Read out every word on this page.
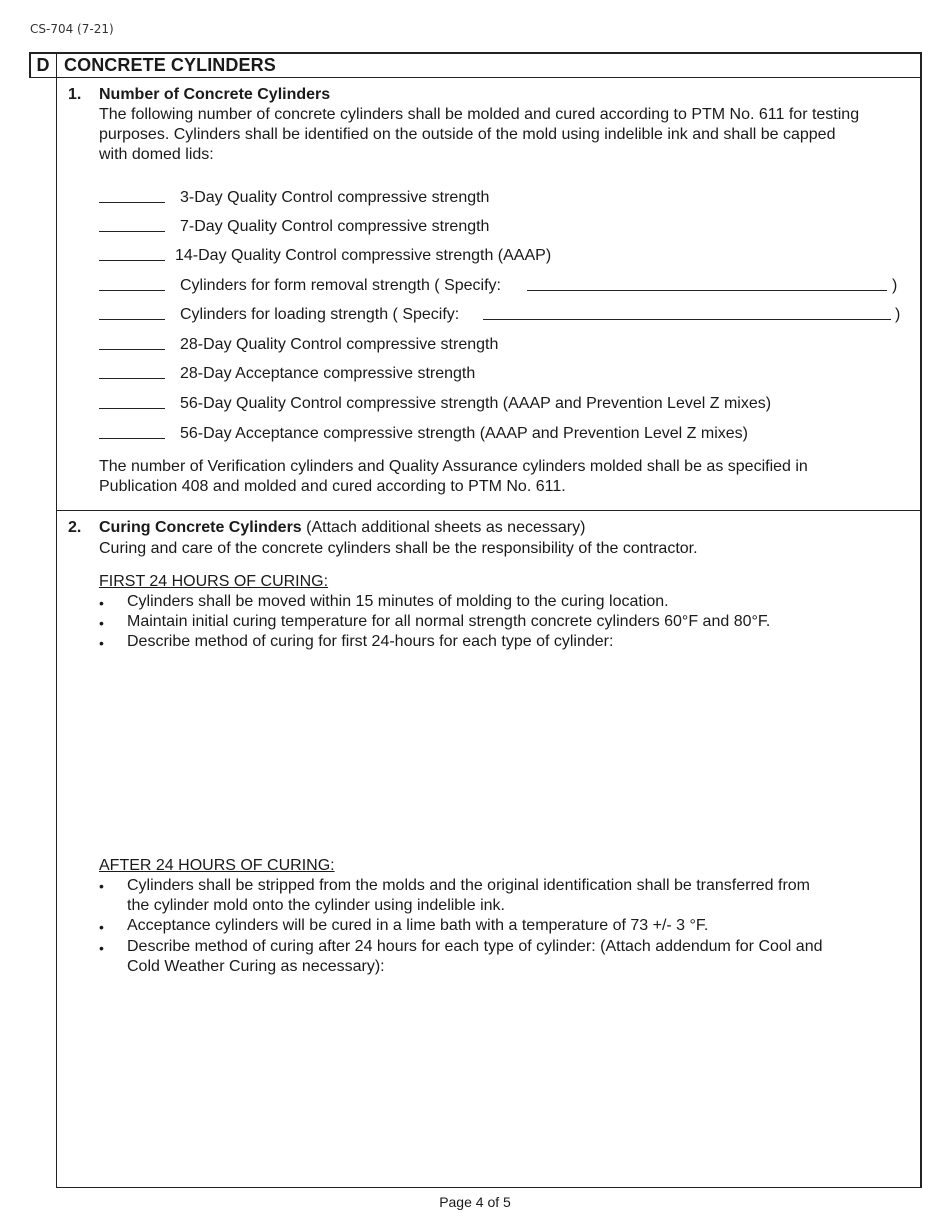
CS-704 (7-21)
D CONCRETE CYLINDERS
1. Number of Concrete Cylinders
The following number of concrete cylinders shall be molded and cured according to PTM No. 611 for testing
purposes. Cylinders shall be identified on the outside of the mold using indelible ink and shall be capped
with domed lids:
3-Day Quality Control compressive strength
7-Day Quality Control compressive strength
14-Day Quality Control compressive strength (AAAP)
Cylinders for form removal strength ( Specify:	)
Cylinders for loading strength ( Specify:	)
28-Day Quality Control compressive strength
28-Day Acceptance compressive strength
56-Day Quality Control compressive strength (AAAP and Prevention Level Z mixes)
56-Day Acceptance compressive strength (AAAP and Prevention Level Z mixes)
The number of Verification cylinders and Quality Assurance cylinders molded shall be as specified in
Publication 408 and molded and cured according to PTM No. 611.
2. Curing Concrete Cylinders (Attach additional sheets as necessary)
Curing and care of the concrete cylinders shall be the responsibility of the contractor.
FIRST 24 HOURS OF CURING:
• Cylinders shall be moved within 15 minutes of molding to the curing location.
• Maintain initial curing temperature for all normal strength concrete cylinders 60°F and 80°F.
• Describe method of curing for first 24-hours for each type of cylinder:
AFTER 24 HOURS OF CURING:
• Cylinders shall be stripped from the molds and the original identification shall be transferred from
the cylinder mold onto the cylinder using indelible ink.
• Acceptance cylinders will be cured in a lime bath with a temperature of 73 +/- 3 °F.
• Describe method of curing after 24 hours for each type of cylinder: (Attach addendum for Cool and
Cold Weather Curing as necessary):
Page 4 of 5
